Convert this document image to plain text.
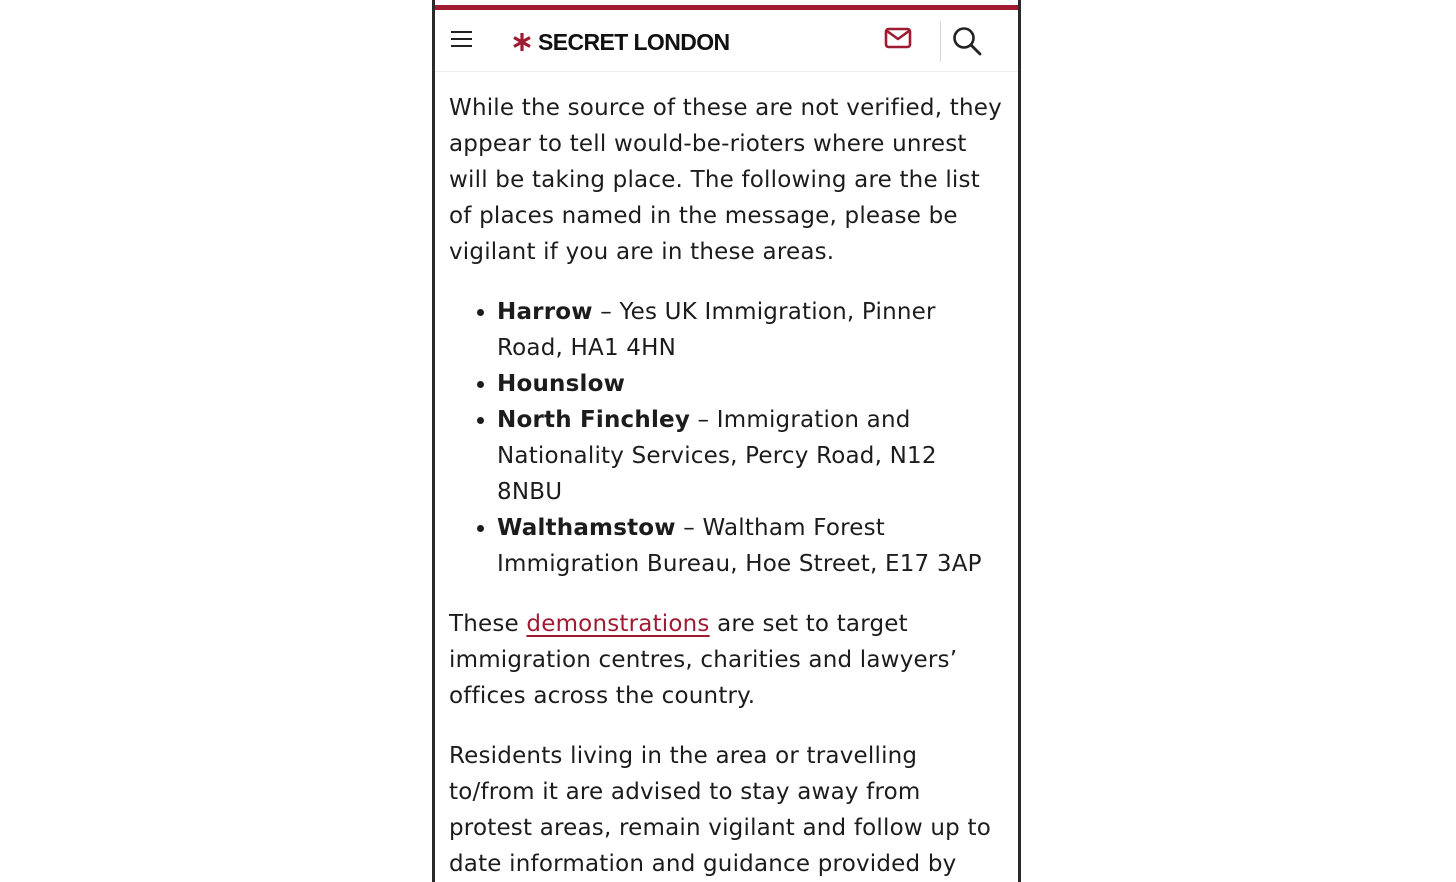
SECRET LONDON

While the source of these are not verified, they appear to tell would-be-rioters where unrest will be taking place. The following are the list of places named in the message, please be vigilant if you are in these areas.

• Harrow – Yes UK Immigration, Pinner Road, HA1 4HN
• Hounslow
• North Finchley – Immigration and Nationality Services, Percy Road, N12 8NBU
• Walthamstow – Waltham Forest Immigration Bureau, Hoe Street, E17 3AP

These demonstrations are set to target immigration centres, charities and lawyers’ offices across the country.

Residents living in the area or travelling to/from it are advised to stay away from protest areas, remain vigilant and follow up to date information and guidance provided by
